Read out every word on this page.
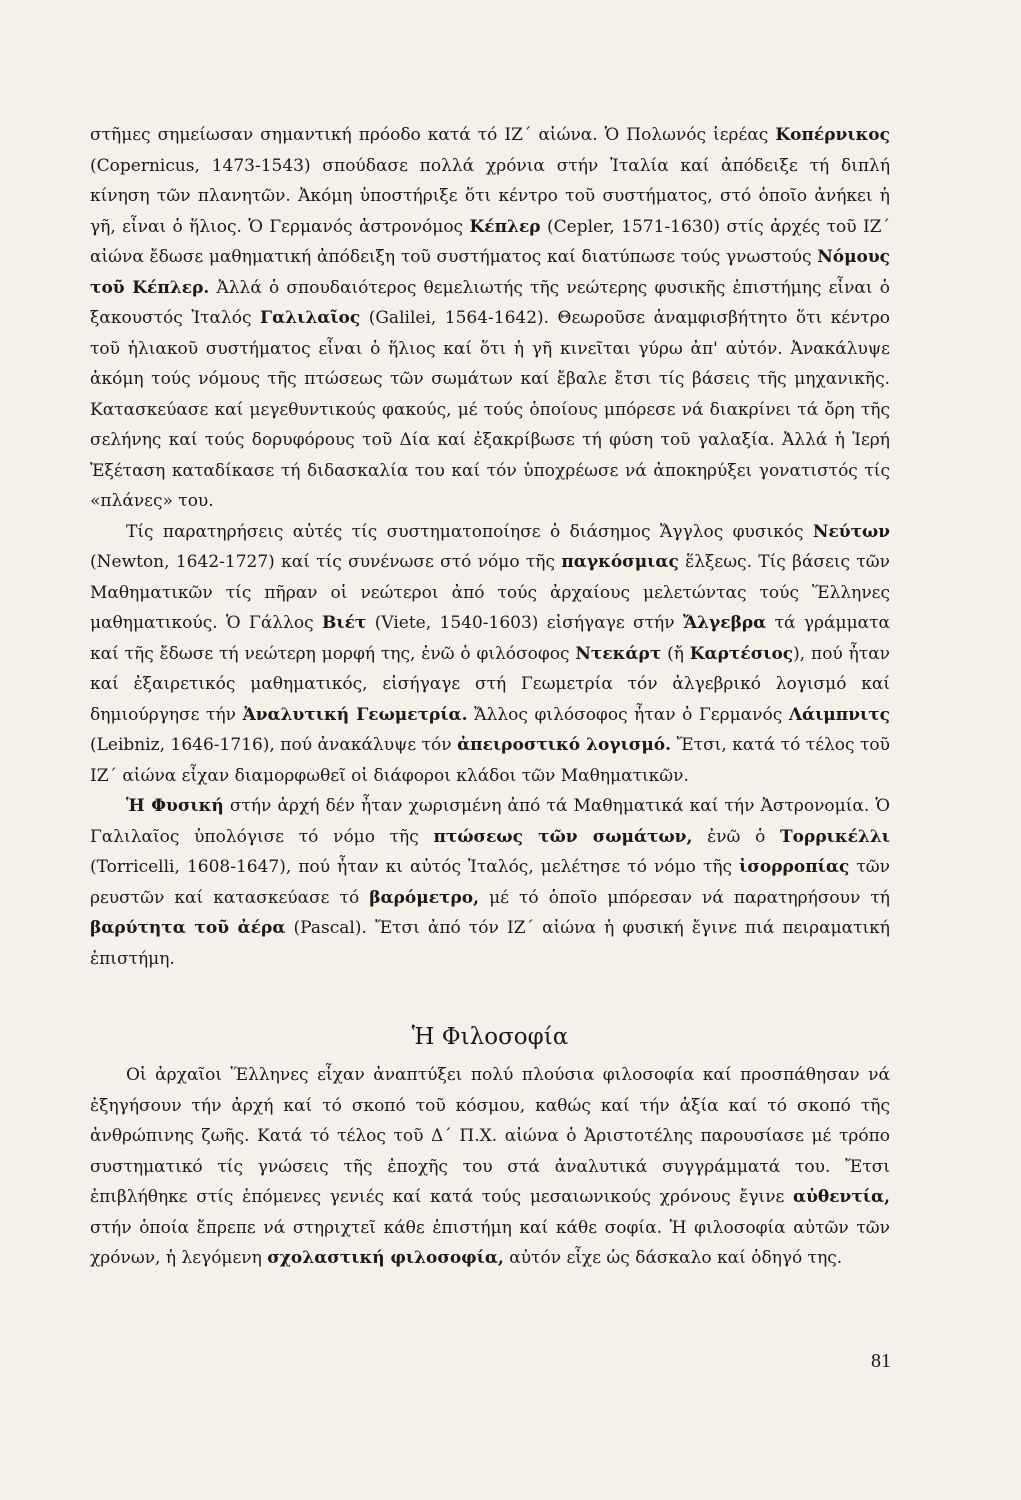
στῆμες σημείωσαν σημαντική πρόοδο κατά τό ΙΖ΄ αἰώνα. Ὁ Πολωνός ἱερέας Κοπέρνικος (Copernicus, 1473-1543) σπούδασε πολλά χρόνια στήν Ἰταλία καί ἀπόδειξε τή διπλή κίνηση τῶν πλανητῶν. Ἀκόμη ὑποστήριξε ὅτι κέντρο τοῦ συστήματος, στό ὁποῖο ἀνήκει ἡ γῆ, εἶναι ὁ ἥλιος. Ὁ Γερμανός ἀστρονόμος Κέπλερ (Cepler, 1571-1630) στίς ἀρχές τοῦ ΙΖ΄ αἰώνα ἔδωσε μαθηματική ἀπόδειξη τοῦ συστήματος καί διατύπωσε τούς γνωστούς Νόμους τοῦ Κέπλερ. Ἀλλά ὁ σπουδαιότερος θεμελιωτής τῆς νεώτερης φυσικῆς ἐπιστήμης εἶναι ὁ ξακουστός Ἰταλός Γαλιλαῖος (Galilei, 1564-1642). Θεωροῦσε ἀναμφισβήτητο ὅτι κέντρο τοῦ ἡλιακοῦ συστήματος εἶναι ὁ ἥλιος καί ὅτι ἡ γῆ κινεῖται γύρω ἀπ' αὐτόν. Ἀνακάλυψε ἀκόμη τούς νόμους τῆς πτώσεως τῶν σωμάτων καί ἔβαλε ἔτσι τίς βάσεις τῆς μηχανικῆς. Κατασκεύασε καί μεγεθυντικούς φακούς, μέ τούς ὁποίους μπόρεσε νά διακρίνει τά ὄρη τῆς σελήνης καί τούς δορυφόρους τοῦ Δία καί ἐξακρίβωσε τή φύση τοῦ γαλαξία. Ἀλλά ἡ Ἱερή Ἐξέταση καταδίκασε τή διδασκαλία του καί τόν ὑποχρέωσε νά ἀποκηρύξει γονατιστός τίς «πλάνες» του.

Τίς παρατηρήσεις αὐτές τίς συστηματοποίησε ὁ διάσημος Ἄγγλος φυσικός Νεύτων (Newton, 1642-1727) καί τίς συνένωσε στό νόμο τῆς παγκόσμιας ἕλξεως. Τίς βάσεις τῶν Μαθηματικῶν τίς πῆραν οἱ νεώτεροι ἀπό τούς ἀρχαίους μελετώντας τούς Ἕλληνες μαθηματικούς. Ὁ Γάλλος Βιέτ (Viete, 1540-1603) εἰσήγαγε στήν Ἄλγεβρα τά γράμματα καί τῆς ἔδωσε τή νεώτερη μορφή της, ἐνῶ ὁ φιλόσοφος Ντεκάρτ (ἤ Καρτέσιος), πού ἦταν καί ἐξαιρετικός μαθηματικός, εἰσήγαγε στή Γεωμετρία τόν ἀλγεβρικό λογισμό καί δημιούργησε τήν Ἀναλυτική Γεωμετρία. Ἄλλος φιλόσοφος ἦταν ὁ Γερμανός Λάιμπνιτς (Leibniz, 1646-1716), πού ἀνακάλυψε τόν ἀπειροστικό λογισμό. Ἔτσι, κατά τό τέλος τοῦ ΙΖ΄ αἰώνα εἶχαν διαμορφωθεῖ οἱ διάφοροι κλάδοι τῶν Μαθηματικῶν.

Ἡ Φυσική στήν ἀρχή δέν ἦταν χωρισμένη ἀπό τά Μαθηματικά καί τήν Ἀστρονομία. Ὁ Γαλιλαῖος ὑπολόγισε τό νόμο τῆς πτώσεως τῶν σωμάτων, ἐνῶ ὁ Τορρικέλλι (Torricelli, 1608-1647), πού ἦταν κι αὐτός Ἰταλός, μελέτησε τό νόμο τῆς ἰσορροπίας τῶν ρευστῶν καί κατασκεύασε τό βαρόμετρο, μέ τό ὁποῖο μπόρεσαν νά παρατηρήσουν τή βαρύτητα τοῦ ἀέρα (Pascal). Ἔτσι ἀπό τόν ΙΖ΄ αἰώνα ἡ φυσική ἔγινε πιά πειραματική ἐπιστήμη.

Ἡ Φιλοσοφία

Οἱ ἀρχαῖοι Ἕλληνες εἶχαν ἀναπτύξει πολύ πλούσια φιλοσοφία καί προσπάθησαν νά ἐξηγήσουν τήν ἀρχή καί τό σκοπό τοῦ κόσμου, καθώς καί τήν ἀξία καί τό σκοπό τῆς ἀνθρώπινης ζωῆς. Κατά τό τέλος τοῦ Δ΄ Π.Χ. αἰώνα ὁ Ἀριστοτέλης παρουσίασε μέ τρόπο συστηματικό τίς γνώσεις τῆς ἐποχῆς του στά ἀναλυτικά συγγράμματά του. Ἔτσι ἐπιβλήθηκε στίς ἑπόμενες γενιές καί κατά τούς μεσαιωνικούς χρόνους ἔγινε αὐθεντία, στήν ὁποία ἔπρεπε νά στηριχτεῖ κάθε ἐπιστήμη καί κάθε σοφία. Ἡ φιλοσοφία αὐτῶν τῶν χρόνων, ἡ λεγόμενη σχολαστική φιλοσοφία, αὐτόν εἶχε ὡς δάσκαλο καί ὁδηγό της.

81
